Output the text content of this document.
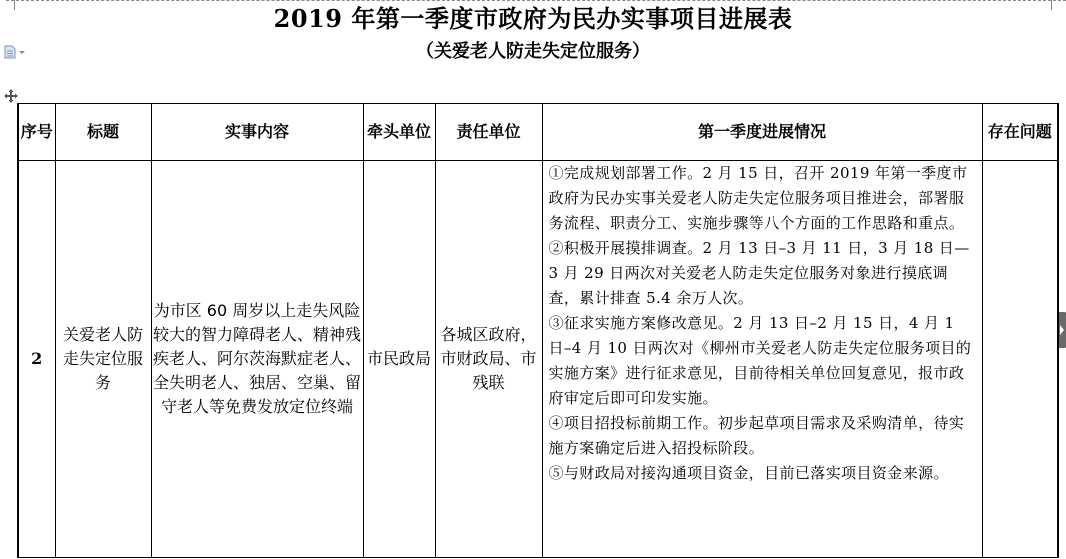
2019 年第一季度市政府为民办实事项目进展表
（关爱老人防走失定位服务）
序号	标题	实事内容	牵头单位	责任单位	第一季度进展情况	存在问题
2	关爱老人防走失定位服务	为市区 60 周岁以上走失风险较大的智力障碍老人、精神残疾老人、阿尔茨海默症老人、全失明老人、独居、空巢、留守老人等免费发放定位终端	市民政局	各城区政府，市财政局、市残联	①完成规划部署工作。2 月 15 日，召开 2019 年第一季度市政府为民办实事关爱老人防走失定位服务项目推进会，部署服务流程、职责分工、实施步骤等八个方面的工作思路和重点。
②积极开展摸排调查。2 月 13 日–3 月 11 日，3 月 18 日—3 月 29 日两次对关爱老人防走失定位服务对象进行摸底调查，累计排查 5.4 余万人次。
③征求实施方案修改意见。2 月 13 日–2 月 15 日，4 月 1 日–4 月 10 日两次对《柳州市关爱老人防走失定位服务项目的实施方案》进行征求意见，目前待相关单位回复意见，报市政府审定后即可印发实施。
④项目招投标前期工作。初步起草项目需求及采购清单，待实施方案确定后进入招投标阶段。
⑤与财政局对接沟通项目资金，目前已落实项目资金来源。	
